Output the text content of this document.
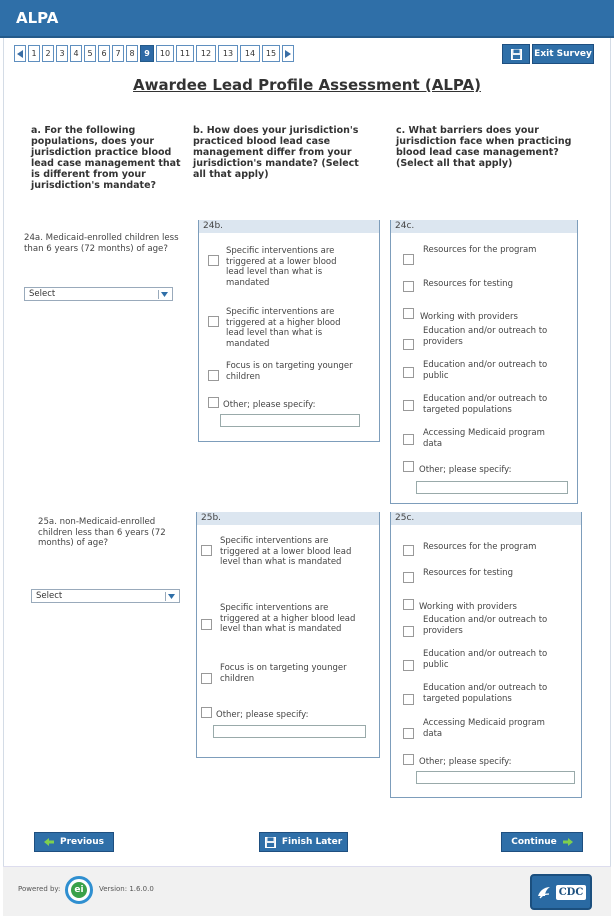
ALPA
1	2	3	4	5	6	7	8	9	10	11	12	13	14	15	Exit Survey
Awardee Lead Profile Assessment (ALPA)
a. For the following populations, does your jurisdiction practice blood lead case management that is different from your jurisdiction's mandate?
b. How does your jurisdiction's practiced blood lead case management differ from your jurisdiction's mandate? (Select all that apply)
c. What barriers does your jurisdiction face when practicing blood lead case management? (Select all that apply)
24a. Medicaid-enrolled children less than 6 years (72 months) of age?
Select
24b.
Specific interventions are triggered at a lower blood lead level than what is mandated
Specific interventions are triggered at a higher blood lead level than what is mandated
Focus is on targeting younger children
Other; please specify:
24c.
Resources for the program
Resources for testing
Working with providers
Education and/or outreach to providers
Education and/or outreach to public
Education and/or outreach to targeted populations
Accessing Medicaid program data
Other; please specify:
25a. non-Medicaid-enrolled children less than 6 years (72 months) of age?
Select
25b.
Specific interventions are triggered at a lower blood lead level than what is mandated
Specific interventions are triggered at a higher blood lead level than what is mandated
Focus is on targeting younger children
Other; please specify:
25c.
Resources for the program
Resources for testing
Working with providers
Education and/or outreach to providers
Education and/or outreach to public
Education and/or outreach to targeted populations
Accessing Medicaid program data
Other; please specify:
Previous	Finish Later	Continue
Powered by:	ei	Version: 1.6.0.0	CDC
